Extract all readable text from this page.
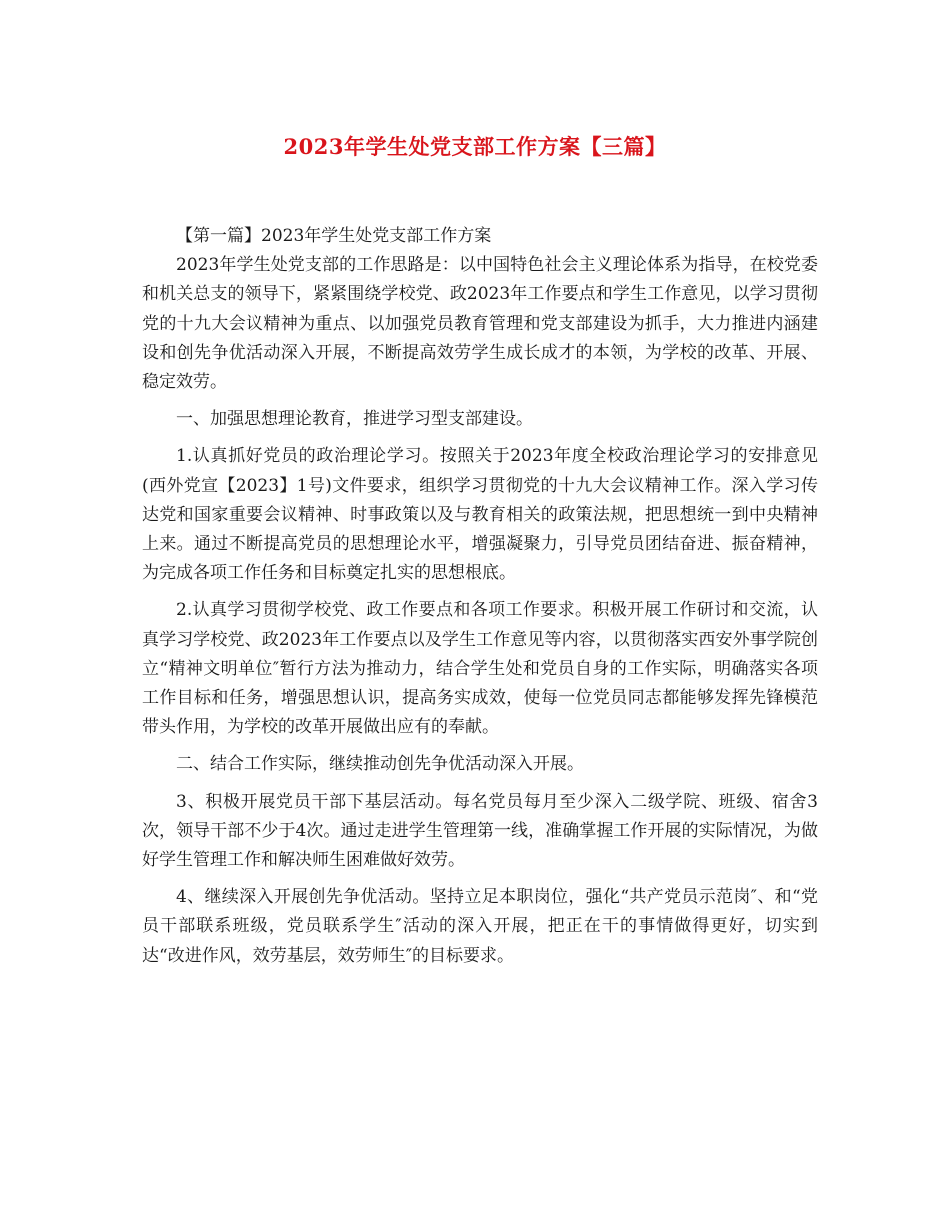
2023年学生处党支部工作方案【三篇】

【第一篇】2023年学生处党支部工作方案

2023年学生处党支部的工作思路是：以中国特色社会主义理论体系为指导，在校党委和机关总支的领导下，紧紧围绕学校党、政2023年工作要点和学生工作意见，以学习贯彻党的十九大会议精神为重点、以加强党员教育管理和党支部建设为抓手，大力推进内涵建设和创先争优活动深入开展，不断提高效劳学生成长成才的本领，为学校的改革、开展、稳定效劳。

一、加强思想理论教育，推进学习型支部建设。

1.认真抓好党员的政治理论学习。按照关于2023年度全校政治理论学习的安排意见(西外党宣【2023】1号)文件要求，组织学习贯彻党的十九大会议精神工作。深入学习传达党和国家重要会议精神、时事政策以及与教育相关的政策法规，把思想统一到中央精神上来。通过不断提高党员的思想理论水平，增强凝聚力，引导党员团结奋进、振奋精神，为完成各项工作任务和目标奠定扎实的思想根底。

2.认真学习贯彻学校党、政工作要点和各项工作要求。积极开展工作研讨和交流，认真学习学校党、政2023年工作要点以及学生工作意见等内容，以贯彻落实西安外事学院创立“精神文明单位″暂行方法为推动力，结合学生处和党员自身的工作实际，明确落实各项工作目标和任务，增强思想认识，提高务实成效，使每一位党员同志都能够发挥先锋模范带头作用，为学校的改革开展做出应有的奉献。

二、结合工作实际，继续推动创先争优活动深入开展。

3、积极开展党员干部下基层活动。每名党员每月至少深入二级学院、班级、宿舍3次，领导干部不少于4次。通过走进学生管理第一线，准确掌握工作开展的实际情况，为做好学生管理工作和解决师生困难做好效劳。

4、继续深入开展创先争优活动。坚持立足本职岗位，强化“共产党员示范岗″、和“党员干部联系班级，党员联系学生″活动的深入开展，把正在干的事情做得更好，切实到达“改进作风，效劳基层，效劳师生″的目标要求。
